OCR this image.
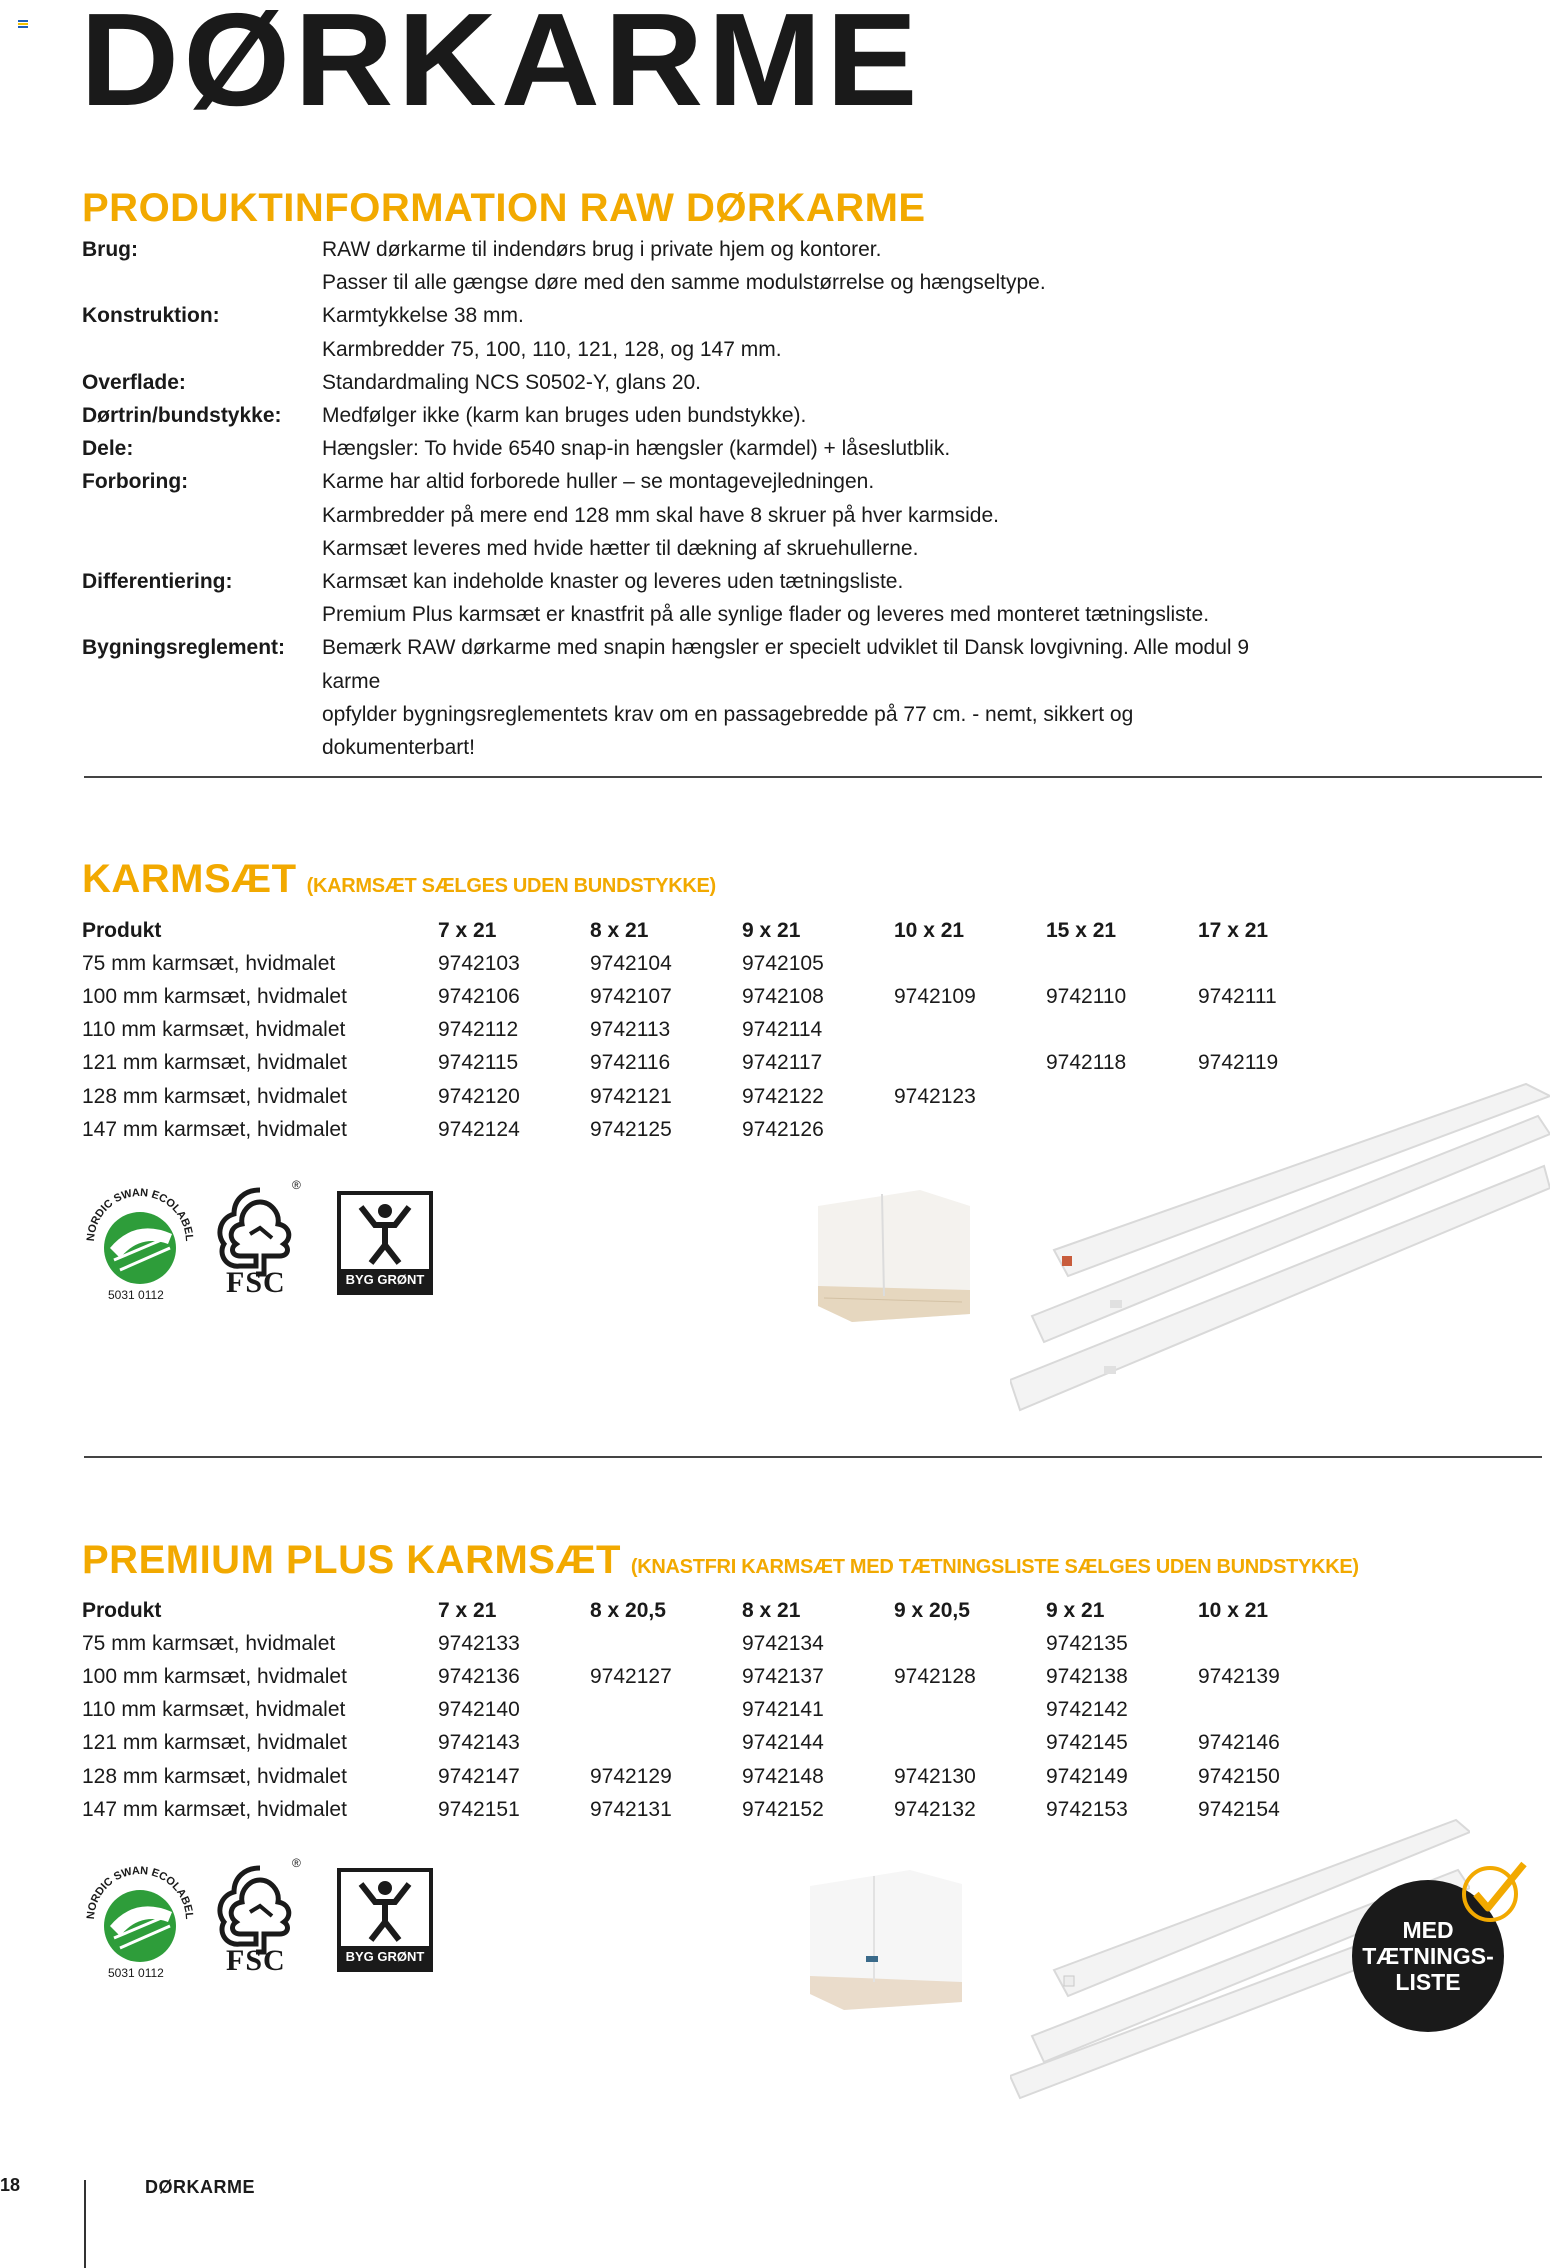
DØRKARME
PRODUKTINFORMATION RAW DØRKARME
Brug:	RAW dørkarme til indendørs brug i private hjem og kontorer.
Passer til alle gængse døre med den samme modulstørrelse og hængseltype.
Konstruktion:	Karmtykkelse 38 mm.
Karmbredder 75, 100, 110, 121, 128, og 147 mm.
Overflade:	Standardmaling NCS S0502-Y, glans 20.
Dørtrin/bundstykke:	Medfølger ikke (karm kan bruges uden bundstykke).
Dele:	Hængsler: To hvide 6540 snap-in hængsler (karmdel) + låseslutblik.
Forboring:	Karme har altid forborede huller – se montagevejledningen.
Karmbredder på mere end 128 mm skal have 8 skruer på hver karmside.
Karmsæt leveres med hvide hætter til dækning af skruehullerne.
Differentiering:	Karmsæt kan indeholde knaster og leveres uden tætningsliste.
Premium Plus karmsæt er knastfrit på alle synlige flader og leveres med monteret tætningsliste.
Bygningsreglement:	Bemærk RAW dørkarme med snapin hængsler er specielt udviklet til Dansk lovgivning. Alle modul 9 karme
opfylder bygningsreglementets krav om en passagebredde på 77 cm. - nemt, sikkert og dokumenterbart!
KARMSÆT (KARMSÆT SÆLGES UDEN BUNDSTYKKE)
Produkt	7 x 21	8 x 21	9 x 21	10 x 21	15 x 21	17 x 21
75 mm karmsæt, hvidmalet	9742103	9742104	9742105			
100 mm karmsæt, hvidmalet	9742106	9742107	9742108	9742109	9742110	9742111
110 mm karmsæt, hvidmalet	9742112	9742113	9742114			
121 mm karmsæt, hvidmalet	9742115	9742116	9742117		9742118	9742119
128 mm karmsæt, hvidmalet	9742120	9742121	9742122	9742123		
147 mm karmsæt, hvidmalet	9742124	9742125	9742126			
NORDIC SWAN ECOLABEL
5031 0112
®
FSC	BYG GRØNT
PREMIUM PLUS KARMSÆT (KNASTFRI KARMSÆT MED TÆTNINGSLISTE SÆLGES UDEN BUNDSTYKKE)
Produkt	7 x 21	8 x 20,5	8 x 21	9 x 20,5	9 x 21	10 x 21
75 mm karmsæt, hvidmalet	9742133		9742134		9742135	
100 mm karmsæt, hvidmalet	9742136	9742127	9742137	9742128	9742138	9742139
110 mm karmsæt, hvidmalet	9742140		9742141		9742142	
121 mm karmsæt, hvidmalet	9742143		9742144		9742145	9742146
128 mm karmsæt, hvidmalet	9742147	9742129	9742148	9742130	9742149	9742150
147 mm karmsæt, hvidmalet	9742151	9742131	9742152	9742132	9742153	9742154
NORDIC SWAN ECOLABEL
5031 0112
®
FSC	BYG GRØNT
MED
TÆTNINGS-
LISTE
18	DØRKARME
